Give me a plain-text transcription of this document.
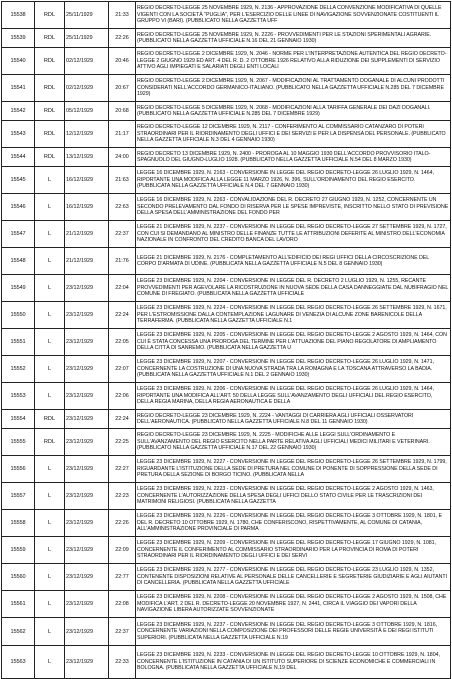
15538	RDL	25/11/1929	21:33	REGIO DECRETO-LEGGE 25 NOVEMBRE 1929, N. 2136 - APPROVAZIONE DELLA CONVENZIONE MODIFICATIVA DI QUELLE VIGENTI CON LA SOCIETÀ "PUGLIA", PER L'ESERCIZIO DELLE LINEE DI NAVIGAZIONE SOVVENZIONATE COSTITUENTI IL GRUPPO VI (BARI). (PUBBLICATO NELLA GAZZETTA UFF

15539	RDL	25/11/1929	22:26	REGIO DECRETO-LEGGE 25 NOVEMBRE 1929, N. 2226 - PROVVEDIMENTI PER LE STAZIONI SPERIMENTALI AGRARIE. (PUBBLICATO NELLA GAZZETTA UFFICIALE N.16 DEL 21 GENNAIO 1930)

15540	RDL	02/12/1929	20:46	REGIO DECRETO-LEGGE 2 DICEMBRE 1929, N. 2046 - NORME PER L'INTERPRETAZIONE AUTENTICA DEL REGIO DECRETO-LEGGE 2 GIUGNO 1929 ED ART. 4 DEL R. D. 2 OTTOBRE 1926 RELATIVO ALLA RIDUZIONE DEI SUPPLEMENTI DI SERVIZIO ATTIVO AGLI IMPIEGATI E SALARIATI DEGLI ENTI LOCALI

15541	RDL	02/12/1929	20:67	REGIO DECRETO-LEGGE 2 DICEMBRE 1929, N. 2067 - MODIFICAZIONI AL TRATTAMENTO DOGANALE DI ALCUNI PRODOTTI CONSIDERATI NELL'ACCORDO GERMANICO-ITALIANO. (PUBBLICATO NELLA GAZZETTA UFFICIALE N.285 DEL 7 DICEMBRE 1929)

15542	RDL	05/12/1929	20:68	REGIO DECRETO-LEGGE 5 DICEMBRE 1929, N. 2068 - MODIFICAZIONI ALLA TARIFFA GENERALE DEI DAZI DOGANALI. (PUBBLICATO NELLA GAZZETTA UFFICIALE N.285 DEL 7 DICEMBRE 1929)

15543	RDL	12/12/1929	21:17	REGIO DECRETO-LEGGE 12 DICEMBRE 1929, N. 2117 - CONFERIMENTO AL COMMISSARIO CATANZARO DI POTERI STRAORDINARI PER IL RIORDINAMENTO DEGLI UFFICI E DEI SERVIZI E PER LA DISPENSA DEL PERSONALE. (PUBBLICATO NELLA GAZZETTA UFFICIALE N.3 DEL 4 GENNAIO 1930)

15544	RDL	13/12/1929	24:00	REGIO DECRETO 13 DICEMBRE 1929, N. 2400 - PROROGA AL 10 MAGGIO 1930 DELL'ACCORDO PROVVISORIO ITALO-SPAGNUOLO DEL GIUGNO-LUGLIO 1928. (PUBBLICATO NELLA GAZZETTA UFFICIALE N.54 DEL 8 MARZO 1930)

15545	L	16/12/1929	21:63	LEGGE 16 DICEMBRE 1929, N. 2163 - CONVERSIONE IN LEGGE DEL REGIO DECRETO-LEGGE 26 LUGLIO 1929, N. 1464, RIPORTANTE UNA MODIFICA ALLA LEGGE 11 MARZO 1926, N. 396, SULL'ORDINAMENTO DEL REGIO ESERCITO. (PUBBLICATA NELLA GAZZETTA UFFICIALE N.4 DEL 7 GENNAIO 1930)

15546	L	16/12/1929	22:63	LEGGE 16 DICEMBRE 1929, N. 2263 - CONVALIDAZIONE DEL R. DECRETO 27 GIUGNO 1929, N. 1252, CONCERNENTE UN SECONDO PRELEVAMENTO DAL FONDO DI RISERVA PER LE SPESE IMPREVISTE, INSCRITTO NELLO STATO DI PREVISIONE DELLA SPESA DELL'AMMINISTRAZIONE DEL FONDO PER

15547	L	21/12/1929	22:37	LEGGE 21 DICEMBRE 1929, N. 2237 - CONVERSIONE IN LEGGE DEL REGIO DECRETO-LEGGE 27 SETTEMBRE 1929, N. 1727, CON CUI SI DEMANDANO AL MINISTRO DELLE FINANZE TUTTE LE ATTRIBUZIONI DEFERITE AL MINISTRO DELL'ECONOMIA NAZIONALE IN CONFRONTO DEL CREDITO BANCA DEL LAVORO

15548	L	21/12/1929	21:76	LEGGE 21 DICEMBRE 1929, N. 2176 - COMPLETAMENTO ALL'EDIFICIO DEI REGI UFFICI DELLA CIRCOSCRIZIONE DEL CORPO D'ARMATA DI UDINE. (PUBBLICATA NELLA GAZZETTA UFFICIALE N.5 DEL 8 GENNAIO 1930)

15549	L	23/12/1929	22:04	LEGGE 23 DICEMBRE 1929, N. 2204 - CONVERSIONE IN LEGGE DEL R. DECRETO 2 LUGLIO 1929, N. 1255, RECANTE PROVVEDIMENTI PER AGEVOLARE LA RICOSTRUZIONE IN NUOVA SEDE DELLA CASA DANNEGGIATE DAL NUBIFRAGIO NEL COMUNE DI FREGIATO. (PUBBLICATA NELLA GAZZETTA UFFICIALE

15550	L	23/12/1929	22:24	LEGGE 23 DICEMBRE 1929, N. 2224 - CONVERSIONE IN LEGGE DEL REGIO DECRETO-LEGGE 26 SETTEMBRE 1929, N. 1671, PER L'ESTROMISSIONE DALLA CONTEMPLAZIONE LAGUNARE DI VENEZIA DI ALCUNE ZONE BARENICOLE DELLA TERRAFERMA. (PUBBLICATA NELLA GAZZETTA UFFICIALE N.1

15551	L	23/12/1929	22:05	LEGGE 23 DICEMBRE 1929, N. 2205 - CONVERSIONE IN LEGGE DEL REGIO DECRETO-LEGGE 2 AGOSTO 1929, N. 1464, CON CUI È STATA CONCESSA UNA PROROGA DEL TERMINE PER L'ATTUAZIONE DEL PIANO REGOLATORE DI AMPLIAMENTO DELLA CITTÀ DI SANREMO. (PUBBLICATA NELLA GAZZETTA U

15552	L	23/12/1929	22:07	LEGGE 23 DICEMBRE 1929, N. 2207 - CONVERSIONE IN LEGGE DEL REGIO DECRETO-LEGGE 26 LUGLIO 1929, N. 1471, CONCERNENTE LA COSTRUZIONE DI UNA NUOVA STRADA TRA LA ROMAGNA E LA TOSCANA ATTRAVERSO LA BADIA. (PUBBLICATA NELLA GAZZETTA UFFICIALE N.1 DEL 2 GENNAIO 1930)

15553	L	23/12/1929	22:06	LEGGE 23 DICEMBRE 1929, N. 2206 - CONVERSIONE IN LEGGE DEL REGIO DECRETO-LEGGE 26 LUGLIO 1929, N. 1464, RIPORTANTE UNA MODIFICA ALL'ART. 50 DELLA LEGGE SULL'AVANZAMENTO DEGLI UFFICIALI DEL REGIO ESERCITO, DELLA REGIA MARINA, DELLA REGIA AERONAUTICA E DELLA

15554	RDL	23/12/1929	22:24	REGIO DECRETO-LEGGE 23 DICEMBRE 1929, N. 2224 - VANTAGGI DI CARRIERA AGLI UFFICIALI OSSERVATORI DELL'AERONAUTICA. (PUBBLICATO NELLA GAZZETTA UFFICIALE N.8 DEL 11 GENNAIO 1930)

15555	RDL	23/12/1929	22:25	REGIO DECRETO-LEGGE 23 DICEMBRE 1929, N. 2225 - MODIFICHE ALLE LEGGI SULL'ORDINAMENTO E SULL'AVANZAMENTO DEL REGIO ESERCITO NELLA PARTE RELATIVA AGLI UFFICIALI MEDICI MILITARI E VETERINARI. (PUBBLICATO NELLA GAZZETTA UFFICIALE N.17 DEL 22 GENNAIO 1930)

15556	L	23/12/1929	22:27	LEGGE 23 DICEMBRE 1929, N. 2227 - CONVERSIONE IN LEGGE DEL REGIO DECRETO-LEGGE 26 SETTEMBRE 1929, N. 1799, RIGUARDANTE L'ISTITUZIONE DELLA SEDE DI PRETURA NEL COMUNE DI PONENTE DI SOPPRESSIONE DELLA SEDE DI PRETURA DELLA SEZIONE DI BORGO TICINO. (PUBBLICATA NELLA

15557	L	23/12/1929	22:23	LEGGE 23 DICEMBRE 1929, N. 2223 - CONVERSIONE IN LEGGE DEL REGIO DECRETO-LEGGE 2 AGOSTO 1929, N. 1463, CONCERNENTE L'AUTORIZZAZIONE DELLA SPESA DEGLI UFFICI DELLO STATO CIVILE PER LE TRASCRIZIONI DEI MATRIMONI RELIGIOSI. (PUBBLICATA NELLA GAZZETTA

15558	L	23/12/1929	22:26	LEGGE 23 DICEMBRE 1929, N. 2226 - CONVERSIONE IN LEGGE DEL REGIO DECRETO-LEGGE 3 OTTOBRE 1929, N. 1801, E DEL R. DECRETO 10 OTTOBRE 1929, N. 1780, CHE CONFERISCONO, RISPETTIVAMENTE, AL COMUNE DI CATANIA, ALL'AMMINISTRAZIONE PROVINCIALE DI PARMA

15559	L	23/12/1929	22:09	LEGGE 23 DICEMBRE 1929, N. 2209 - CONVERSIONE IN LEGGE DEL REGIO DECRETO-LEGGE 17 GIUGNO 1929, N. 1081, CONCERNENTE IL CONFERIMENTO AL COMMISSARIO STRAORDINARIO PER LA PROVINCIA DI ROMA DI POTERI STRAORDINARI PER IL RIORDINAMENTO DEGLI UFFICI E DEI SERVI

15560	L	23/12/1929	22:77	LEGGE 23 DICEMBRE 1929, N. 2277 - CONVERSIONE IN LEGGE DEL REGIO DECRETO-LEGGE 23 LUGLIO 1929, N. 1352, CONTENENTE DISPOSIZIONI RELATIVE AL PERSONALE DELLE CANCELLERIE E SEGRETERIE GIUDIZIARIE E AGLI AIUTANTI DI CANCELLERIA. (PUBBLICATA NELLA GAZZETTA UFFICIALE

15561	L	23/12/1929	22:08	LEGGE 23 DICEMBRE 1929, N. 2208 - CONVERSIONE IN LEGGE DEL REGIO DECRETO-LEGGE 2 AGOSTO 1929, N. 1508, CHE MODIFICA L'ART. 2 DEL R. DECRETO-LEGGE 20 NOVEMBRE 1927, N. 2441, CIRCA IL VIAGGIO DEI VAPORI DELLA NAVIGAZIONE LIBERA AUTORIZZATE SOVVENZIONATE

15562	L	23/12/1929	22:37	LEGGE 23 DICEMBRE 1929, N. 2237 - CONVERSIONE IN LEGGE DEL REGIO DECRETO-LEGGE 3 OTTOBRE 1929, N. 1816, CONCERNENTE VARIAZIONI NELLA COMPOSIZIONE DEI PROFESSORI DELLE REGIE UNIVERSITÀ E DEI REGI ISTITUTI SUPERIORI. (PUBBLICATA NELLA GAZZETTA UFFICIALE N.19

15563	L	23/12/1929	22:33	LEGGE 23 DICEMBRE 1929, N. 2233 - CONVERSIONE IN LEGGE DEL REGIO DECRETO-LEGGE 10 OTTOBRE 1929, N. 1804, CONCERNENTE L'ISTITUZIONE IN CATANIA DI UN ISTITUTO SUPERIORE DI SCIENZE ECONOMICHE E COMMERCIALI IN BOLOGNA. (PUBBLICATA NELLA GAZZETTA UFFICIALE N.19 DEL
